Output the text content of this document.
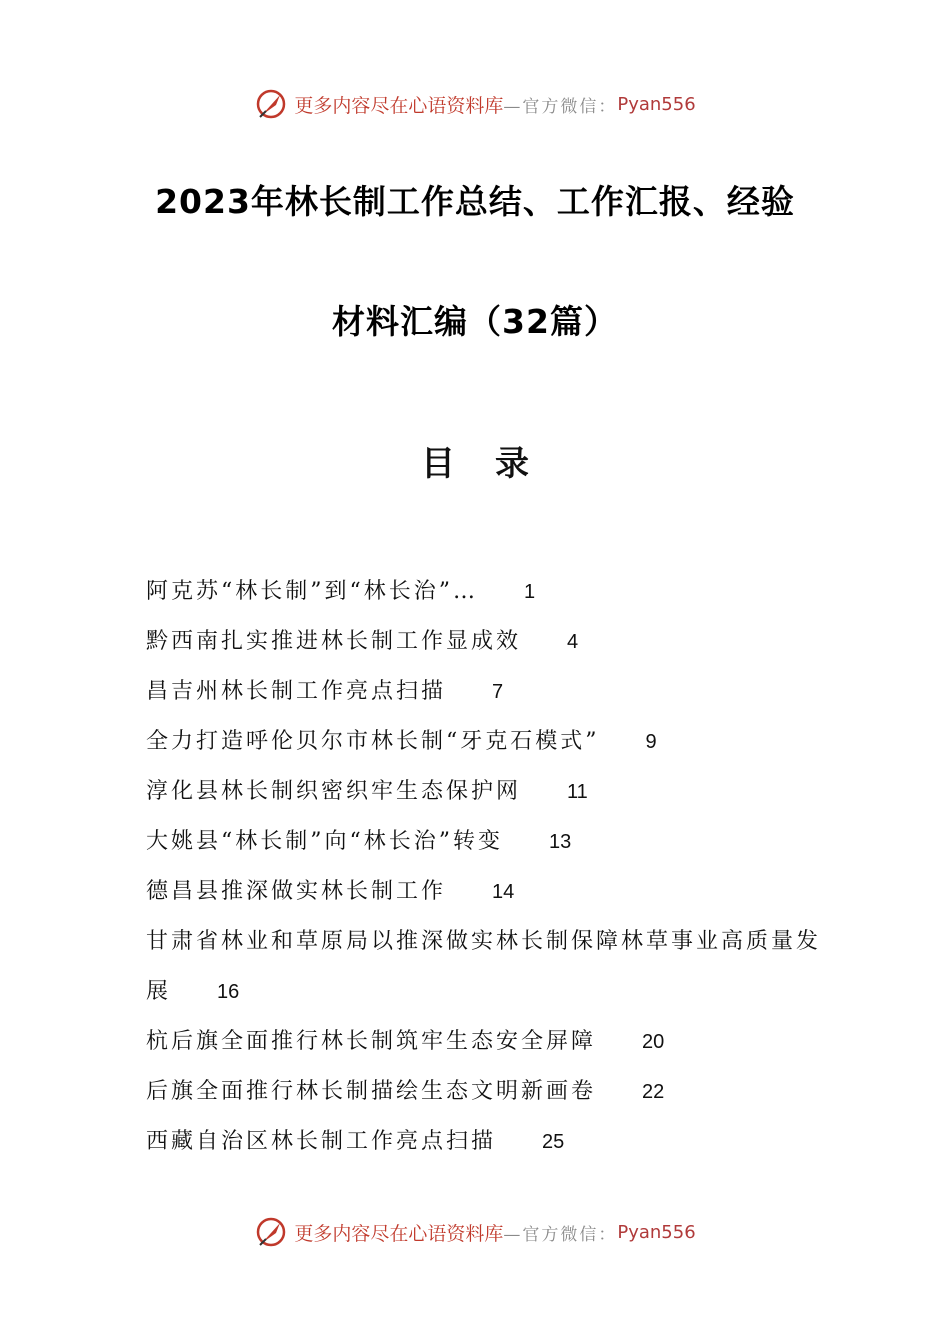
更多内容尽在心语资料库 —官方微信： Pyan556
2023年林长制工作总结、工作汇报、经验
材料汇编（32篇）
目录
阿克苏“林长制”到“林长治”… 1
黔西南扎实推进林长制工作显成效 4
昌吉州林长制工作亮点扫描 7
全力打造呼伦贝尔市林长制“牙克石模式” 9
淳化县林长制织密织牢生态保护网 11
大姚县“林长制”向“林长治”转变 13
德昌县推深做实林长制工作 14
甘肃省林业和草原局以推深做实林长制保障林草事业高质量发展 16
杭后旗全面推行林长制筑牢生态安全屏障 20
后旗全面推行林长制描绘生态文明新画卷 22
西藏自治区林长制工作亮点扫描 25
更多内容尽在心语资料库 —官方微信： Pyan556
